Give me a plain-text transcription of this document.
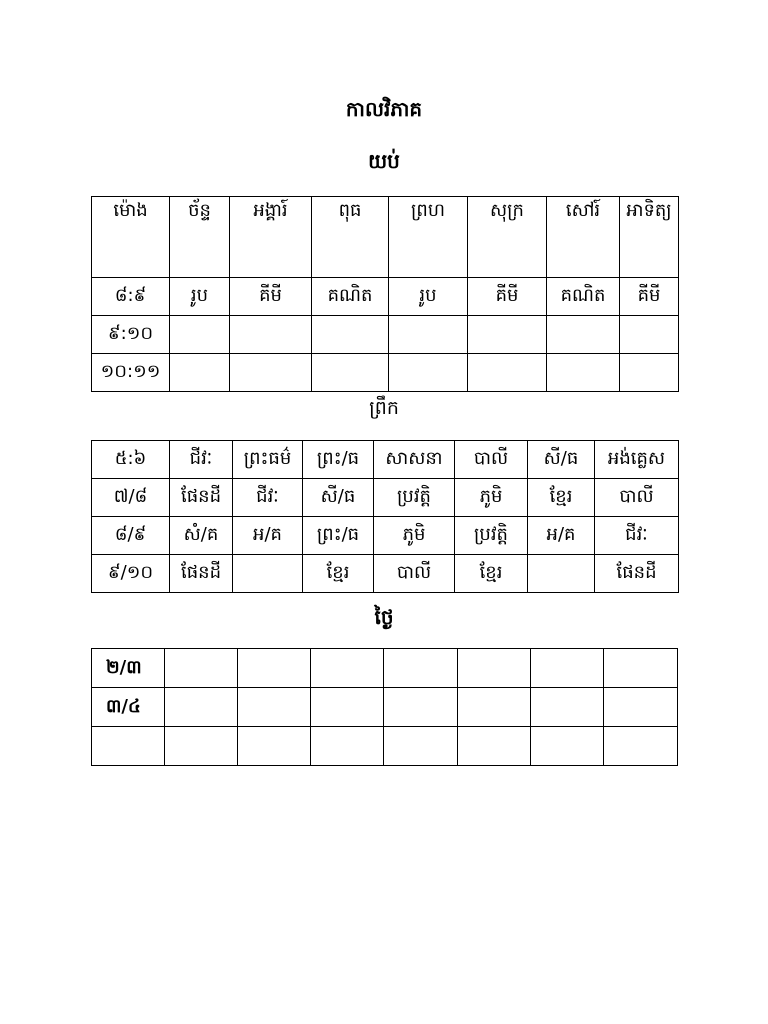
កាលវិភាគ
យប់
ម៉ោង	ច័ន្ទ	អង្គារ៍	ពុធ	ព្រហ	សុក្រ	សៅរ៍	អាទិត្យ
៨:៩	រូប	គីមី	គណិត	រូប	គីមី	គណិត	គីមី
៩:១០							
១០:១១							
ព្រឹក
៥:៦	ជីវៈ	ព្រះធម៌	ព្រះ/ធ	សាសនា	បាលី	សី/ធ	អង់គ្លេស
៧/៨	ផែនដី	ជីវៈ	សី/ធ	ប្រវត្តិ	ភូមិ	ខ្មែរ	បាលី
៨/៩	សំ/គ	អ/គ	ព្រះ/ធ	ភូមិ	ប្រវត្តិ	អ/គ	ជីវៈ
៩/១០	ផែនដី		ខ្មែរ	បាលី	ខ្មែរ		ផែនដី
ថ្ងៃ
២/៣							
៣/៤							
